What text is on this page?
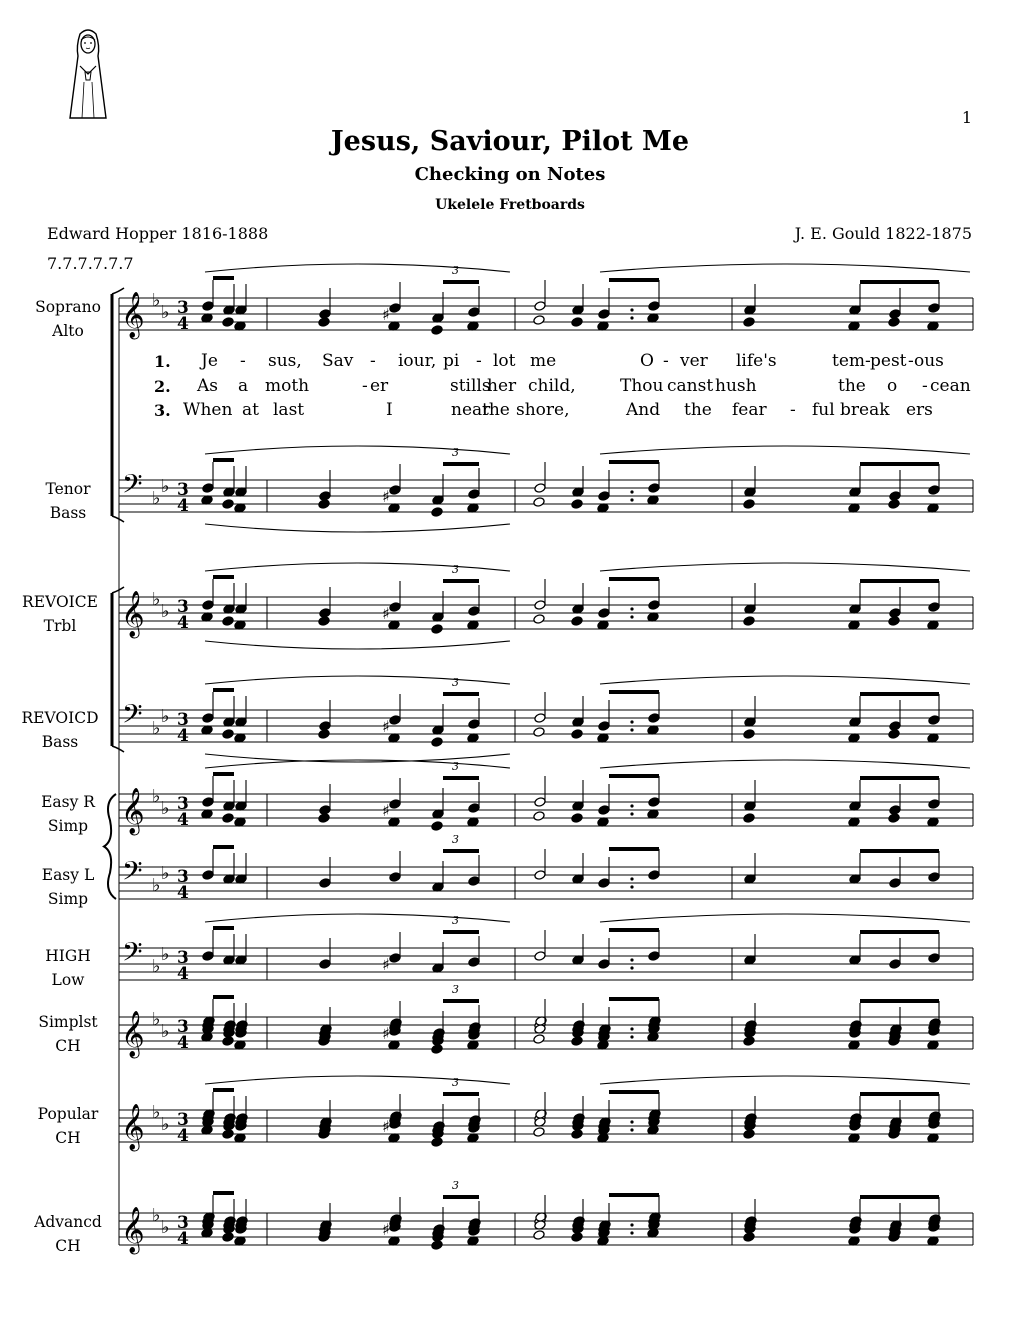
Jesus, Saviour, Pilot Me
Checking on Notes
Ukelele Fretboards
Edward Hopper 1816-1888	J. E. Gould 1822-1875
7.7.7.7.7.7
1
Soprano
Alto
Tenor
Bass
REVOICE
Trbl
REVOICD
Bass
Easy R
Simp
Easy L
Simp
HIGH
Low
Simplst
CH
Popular
CH
Advancd
CH
1. Je - sus, Sav - iour, pi - lot me	O - ver life's	tem - pest - ous
2. As a moth	- er	stills
her child,	Thou canst hush	the o - cean
3. When at last	I	near
the shore,	And the fear - ful break ers
𝄞 ♭
♭ 3
4
𝄢 ♭
♭ 3
4
𝄞 ♭
♭ 3
4
𝄢 ♭
♭ 3
4
𝄞 ♭
♭ 3
4
𝄢 ♭
♭ 3
4
𝄢 ♭
♭ 3
4
𝄞 ♭
♭ 3
4
𝄞 ♭
♭ 3
4
𝄞 ♭
♭ 3
4
3
3
3
3
3
3
3
3
3
3
♯
♯
♯
♯
♯
♯
♯
♯
♯
